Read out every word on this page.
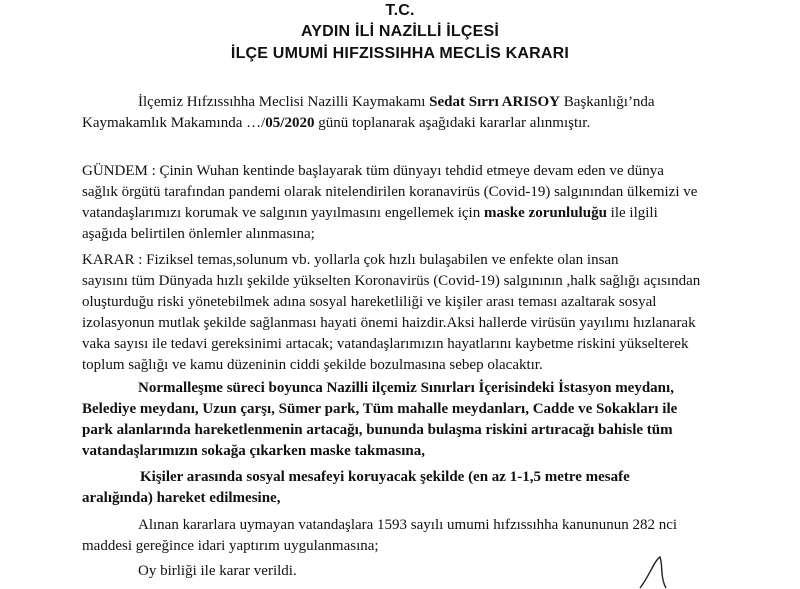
T.C.
AYDIN İLİ NAZİLLİ İLÇESİ
İLÇE UMUMİ HIFZISSIHHA MECLİS KARARI
İlçemiz Hıfzıssıhha Meclisi Nazilli Kaymakamı Sedat Sırrı ARISOY Başkanlığı’nda
Kaymakamlık Makamında …/05/2020 günü toplanarak aşağıdaki kararlar alınmıştır.
GÜNDEM : Çinin Wuhan kentinde başlayarak tüm dünyayı tehdid etmeye devam eden ve dünya
sağlık örgütü tarafından pandemi olarak nitelendirilen koranavirüs (Covid-19) salgınından ülkemizi ve
vatandaşlarımızı korumak ve salgının yayılmasını engellemek için maske zorunluluğu ile ilgili
aşağıda belirtilen önlemler alınmasına;
KARAR : Fiziksel temas,solunum vb. yollarla çok hızlı bulaşabilen ve enfekte olan insan
sayısını tüm Dünyada hızlı şekilde yükselten Koronavirüs (Covid-19) salgınının ,halk sağlığı açısından
oluşturduğu riski yönetebilmek adına sosyal hareketliliği ve kişiler arası teması azaltarak sosyal
izolasyonun mutlak şekilde sağlanması hayati önemi haizdir.Aksi hallerde virüsün yayılımı hızlanarak
vaka sayısı ile tedavi gereksinimi artacak; vatandaşlarımızın hayatlarını kaybetme riskini yükselterek
toplum sağlığı ve kamu düzeninin ciddi şekilde bozulmasına sebep olacaktır.
Normalleşme süreci boyunca Nazilli ilçemiz Sınırları İçerisindeki İstasyon meydanı,
Belediye meydanı, Uzun çarşı, Sümer park, Tüm mahalle meydanları, Cadde ve Sokakları ile
park alanlarında hareketlenmenin artacağı, bununda bulaşma riskini artıracağı bahisle tüm
vatandaşlarımızın sokağa çıkarken maske takmasına,
Kişiler arasında sosyal mesafeyi koruyacak şekilde (en az 1-1,5 metre mesafe
aralığında) hareket edilmesine,
Alınan kararlara uymayan vatandaşlara 1593 sayılı umumi hıfzıssıhha kanununun 282 nci
maddesi gereğince idari yaptırım uygulanmasına;
Oy birliği ile karar verildi.
